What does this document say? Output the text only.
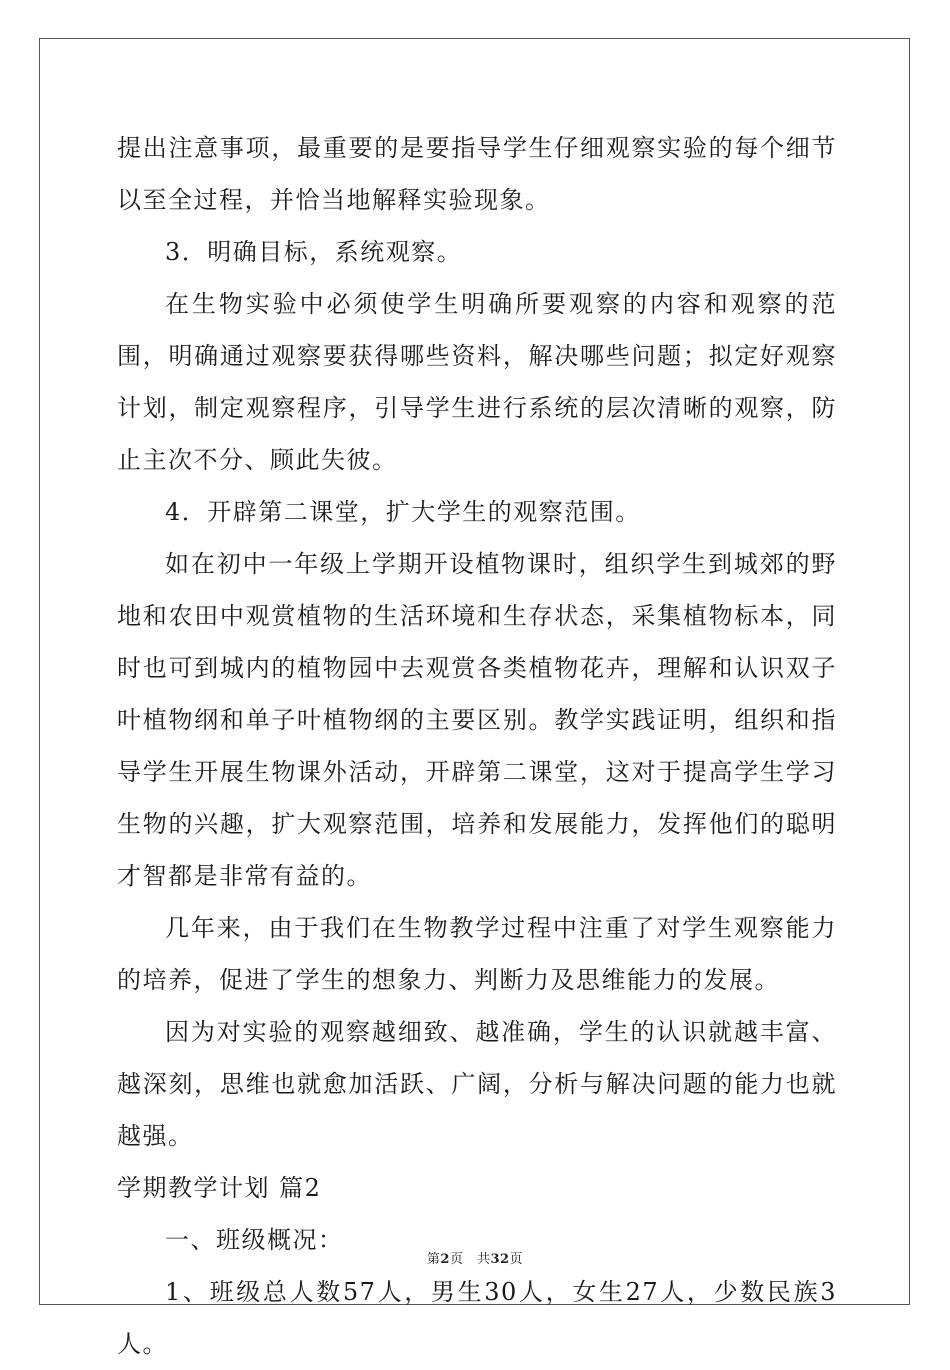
提出注意事项，最重要的是要指导学生仔细观察实验的每个细节以至全过程，并恰当地解释实验现象。

3．明确目标，系统观察。

在生物实验中必须使学生明确所要观察的内容和观察的范围，明确通过观察要获得哪些资料，解决哪些问题；拟定好观察计划，制定观察程序，引导学生进行系统的层次清晰的观察，防止主次不分、顾此失彼。

4．开辟第二课堂，扩大学生的观察范围。

如在初中一年级上学期开设植物课时，组织学生到城郊的野地和农田中观赏植物的生活环境和生存状态，采集植物标本，同时也可到城内的植物园中去观赏各类植物花卉，理解和认识双子叶植物纲和单子叶植物纲的主要区别。教学实践证明，组织和指导学生开展生物课外活动，开辟第二课堂，这对于提高学生学习生物的兴趣，扩大观察范围，培养和发展能力，发挥他们的聪明才智都是非常有益的。

几年来，由于我们在生物教学过程中注重了对学生观察能力的培养，促进了学生的想象力、判断力及思维能力的发展。

因为对实验的观察越细致、越准确，学生的认识就越丰富、越深刻，思维也就愈加活跃、广阔，分析与解决问题的能力也就越强。

学期教学计划 篇2

一、班级概况：

1、班级总人数57人，男生30人，女生27人，少数民族3人。

第2页　共32页
